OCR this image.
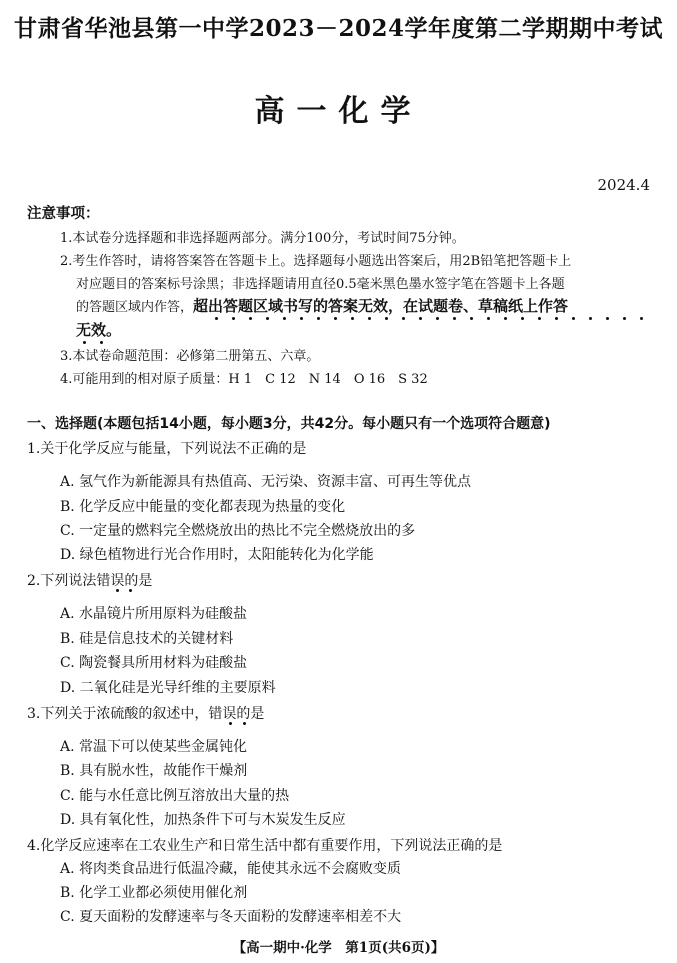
甘肃省华池县第一中学2023－2024学年度第二学期期中考试
高一化学
2024.4
注意事项：
1.本试卷分选择题和非选择题两部分。满分100分，考试时间75分钟。
2.考生作答时，请将答案答在答题卡上。选择题每小题选出答案后，用2B铅笔把答题卡上
对应题目的答案标号涂黑；非选择题请用直径0.5毫米黑色墨水签字笔在答题卡上各题
的答题区域内作答，超出答题区域书写的答案无效，在试题卷、草稿纸上作答
无效。
3.本试卷命题范围：必修第二册第五、六章。
4.可能用到的相对原子质量：H 1　C 12　N 14　O 16　S 32
一、选择题(本题包括14小题，每小题3分，共42分。每小题只有一个选项符合题意)
1.关于化学反应与能量，下列说法不正确的是
A. 氢气作为新能源具有热值高、无污染、资源丰富、可再生等优点
B. 化学反应中能量的变化都表现为热量的变化
C. 一定量的燃料完全燃烧放出的热比不完全燃烧放出的多
D. 绿色植物进行光合作用时，太阳能转化为化学能
2.下列说法错误的是
A. 水晶镜片所用原料为硅酸盐
B. 硅是信息技术的关键材料
C. 陶瓷餐具所用材料为硅酸盐
D. 二氧化硅是光导纤维的主要原料
3.下列关于浓硫酸的叙述中，错误的是
A. 常温下可以使某些金属钝化
B. 具有脱水性，故能作干燥剂
C. 能与水任意比例互溶放出大量的热
D. 具有氧化性，加热条件下可与木炭发生反应
4.化学反应速率在工农业生产和日常生活中都有重要作用，下列说法正确的是
A. 将肉类食品进行低温冷藏，能使其永远不会腐败变质
B. 化学工业都必须使用催化剂
C. 夏天面粉的发酵速率与冬天面粉的发酵速率相差不大
【高一期中·化学　第1页(共6页)】
